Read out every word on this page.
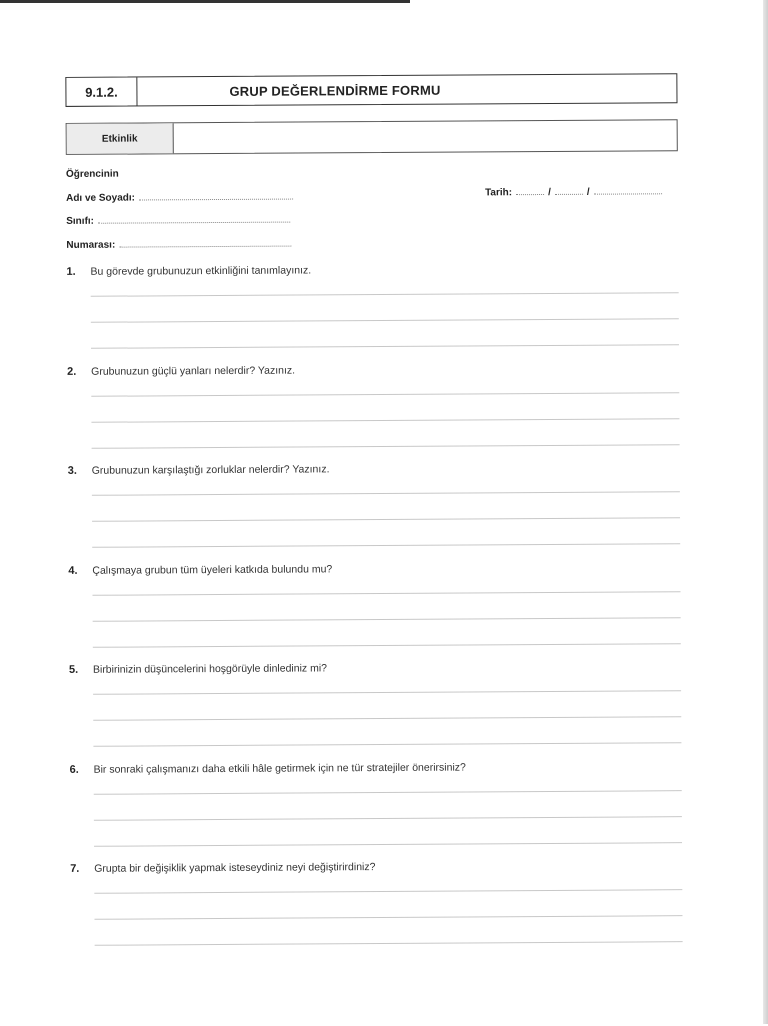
9.1.2.	GRUP DEĞERLENDİRME FORMU
Etkinlik
Öğrencinin
Adı ve Soyadı:
Sınıfı:
Numarası:
Tarih:	/	/
1. Bu görevde grubunuzun etkinliğini tanımlayınız.
2. Grubunuzun güçlü yanları nelerdir? Yazınız.
3. Grubunuzun karşılaştığı zorluklar nelerdir? Yazınız.
4. Çalışmaya grubun tüm üyeleri katkıda bulundu mu?
5. Birbirinizin düşüncelerini hoşgörüyle dinlediniz mi?
6. Bir sonraki çalışmanızı daha etkili hâle getirmek için ne tür stratejiler önerirsiniz?
7. Grupta bir değişiklik yapmak isteseydiniz neyi değiştirirdiniz?
